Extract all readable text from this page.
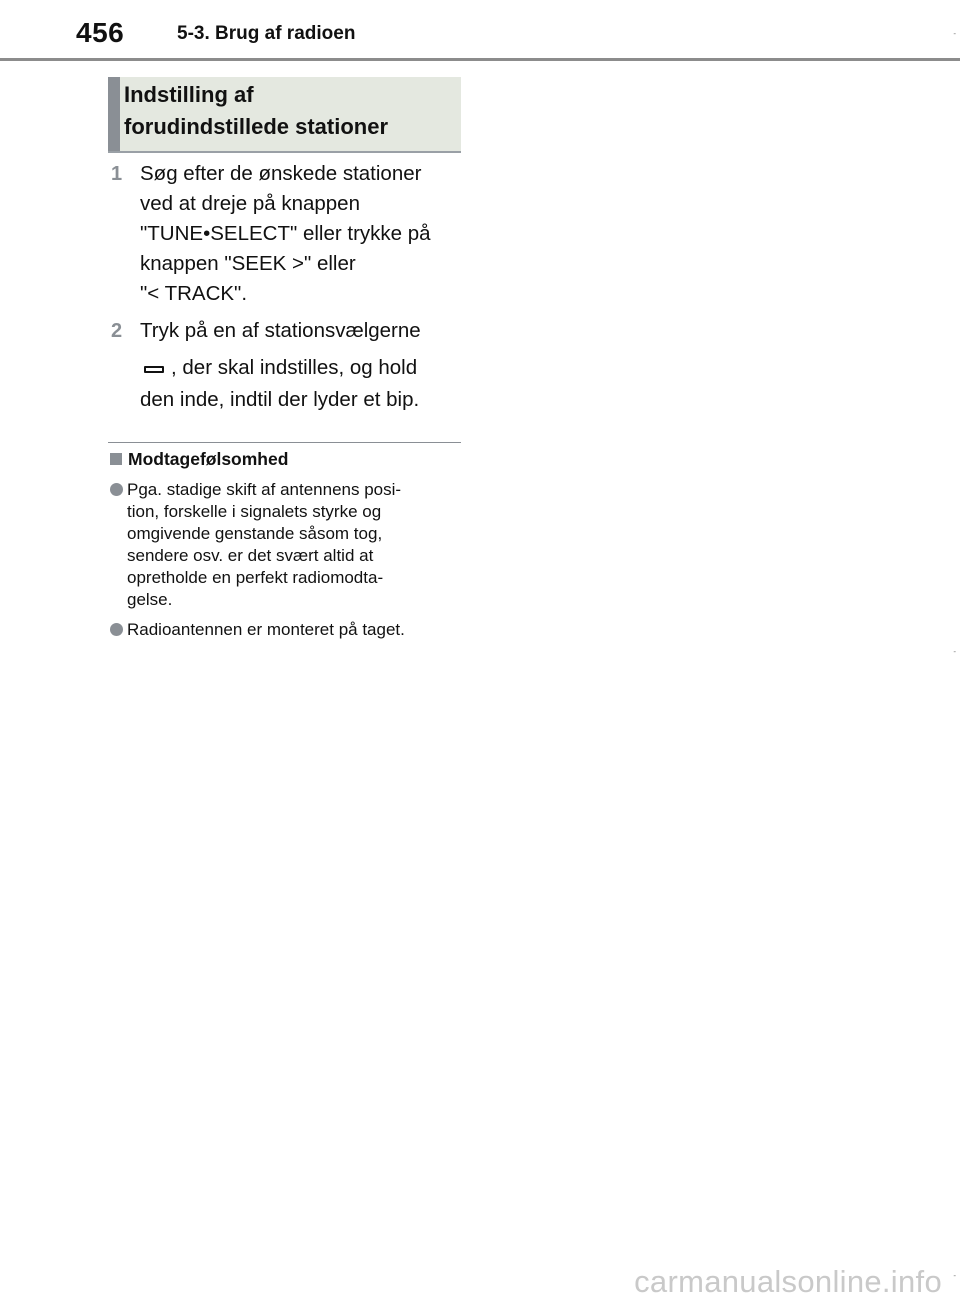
456	5-3. Brug af radioen
Indstilling af
forudindstillede stationer
1 Søg efter de ønskede stationer
ved at dreje på knappen
"TUNE•SELECT" eller trykke på
knappen "SEEK >" eller
"< TRACK".
2 Tryk på en af stationsvælgerne
, der skal indstilles, og hold
den inde, indtil der lyder et bip.
Modtagefølsomhed
Pga. stadige skift af antennens posi-
tion, forskelle i signalets styrke og
omgivende genstande såsom tog,
sendere osv. er det svært altid at
opretholde en perfekt radiomodta-
gelse.
Radioantennen er monteret på taget.
-
-
-
carmanualsonline.info
